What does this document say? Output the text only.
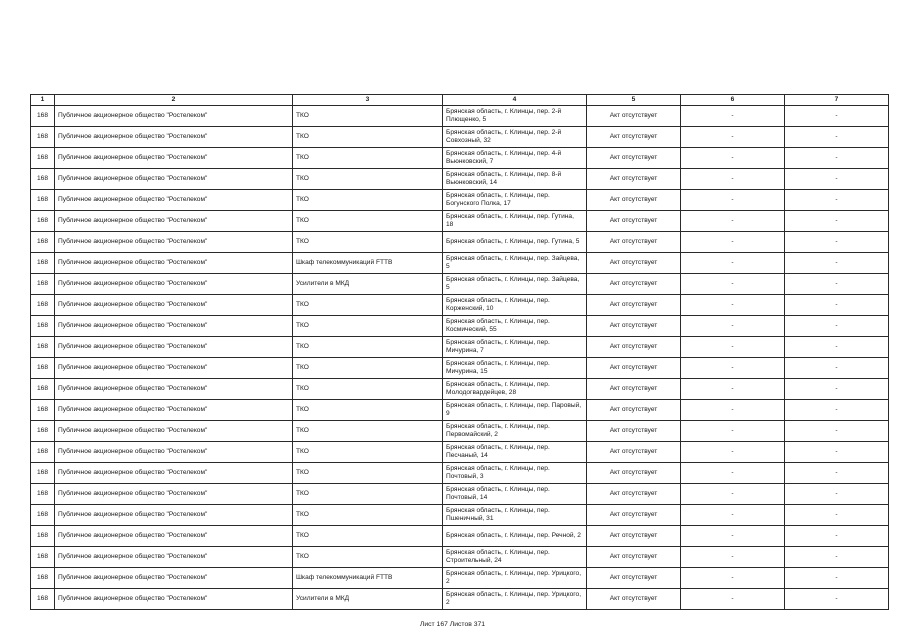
1	2	3	4	5	6	7
168	Публичное акционерное общество "Ростелеком"	ТКО	Брянская область, г. Клинцы, пер. 2-й Плющенко, 5	Акт отсутствует	-	-
168	Публичное акционерное общество "Ростелеком"	ТКО	Брянская область, г. Клинцы, пер. 2-й Совхозный, 32	Акт отсутствует	-	-
168	Публичное акционерное общество "Ростелеком"	ТКО	Брянская область, г. Клинцы, пер. 4-й Вьюнковский, 7	Акт отсутствует	-	-
168	Публичное акционерное общество "Ростелеком"	ТКО	Брянская область, г. Клинцы, пер. 8-й Вьюнковский, 14	Акт отсутствует	-	-
168	Публичное акционерное общество "Ростелеком"	ТКО	Брянская область, г. Клинцы, пер. Богунского Полка, 17	Акт отсутствует	-	-
168	Публичное акционерное общество "Ростелеком"	ТКО	Брянская область, г. Клинцы, пер. Гутина, 18	Акт отсутствует	-	-
168	Публичное акционерное общество "Ростелеком"	ТКО	Брянская область, г. Клинцы, пер. Гутина, 5	Акт отсутствует	-	-
168	Публичное акционерное общество "Ростелеком"	Шкаф телекоммуникаций FTTB	Брянская область, г. Клинцы, пер. Зайцева, 5	Акт отсутствует	-	-
168	Публичное акционерное общество "Ростелеком"	Усилители в МКД	Брянская область, г. Клинцы, пер. Зайцева, 5	Акт отсутствует	-	-
168	Публичное акционерное общество "Ростелеком"	ТКО	Брянская область, г. Клинцы, пер. Корженский, 10	Акт отсутствует	-	-
168	Публичное акционерное общество "Ростелеком"	ТКО	Брянская область, г. Клинцы, пер. Космический, 55	Акт отсутствует	-	-
168	Публичное акционерное общество "Ростелеком"	ТКО	Брянская область, г. Клинцы, пер. Мичурина, 7	Акт отсутствует	-	-
168	Публичное акционерное общество "Ростелеком"	ТКО	Брянская область, г. Клинцы, пер. Мичурина, 15	Акт отсутствует	-	-
168	Публичное акционерное общество "Ростелеком"	ТКО	Брянская область, г. Клинцы, пер. Молодогвардейцев, 28	Акт отсутствует	-	-
168	Публичное акционерное общество "Ростелеком"	ТКО	Брянская область, г. Клинцы, пер. Паровый, 9	Акт отсутствует	-	-
168	Публичное акционерное общество "Ростелеком"	ТКО	Брянская область, г. Клинцы, пер. Первомайский, 2	Акт отсутствует	-	-
168	Публичное акционерное общество "Ростелеком"	ТКО	Брянская область, г. Клинцы, пер. Песчаный, 14	Акт отсутствует	-	-
168	Публичное акционерное общество "Ростелеком"	ТКО	Брянская область, г. Клинцы, пер. Почтовый, 3	Акт отсутствует	-	-
168	Публичное акционерное общество "Ростелеком"	ТКО	Брянская область, г. Клинцы, пер. Почтовый, 14	Акт отсутствует	-	-
168	Публичное акционерное общество "Ростелеком"	ТКО	Брянская область, г. Клинцы, пер. Пшеничный, 31	Акт отсутствует	-	-
168	Публичное акционерное общество "Ростелеком"	ТКО	Брянская область, г. Клинцы, пер. Речной, 2	Акт отсутствует	-	-
168	Публичное акционерное общество "Ростелеком"	ТКО	Брянская область, г. Клинцы, пер. Строительный, 24	Акт отсутствует	-	-
168	Публичное акционерное общество "Ростелеком"	Шкаф телекоммуникаций FTTB	Брянская область, г. Клинцы, пер. Урицкого, 2	Акт отсутствует	-	-
168	Публичное акционерное общество "Ростелеком"	Усилители в МКД	Брянская область, г. Клинцы, пер. Урицкого, 2	Акт отсутствует	-	-
Лист 167 Листов 371
